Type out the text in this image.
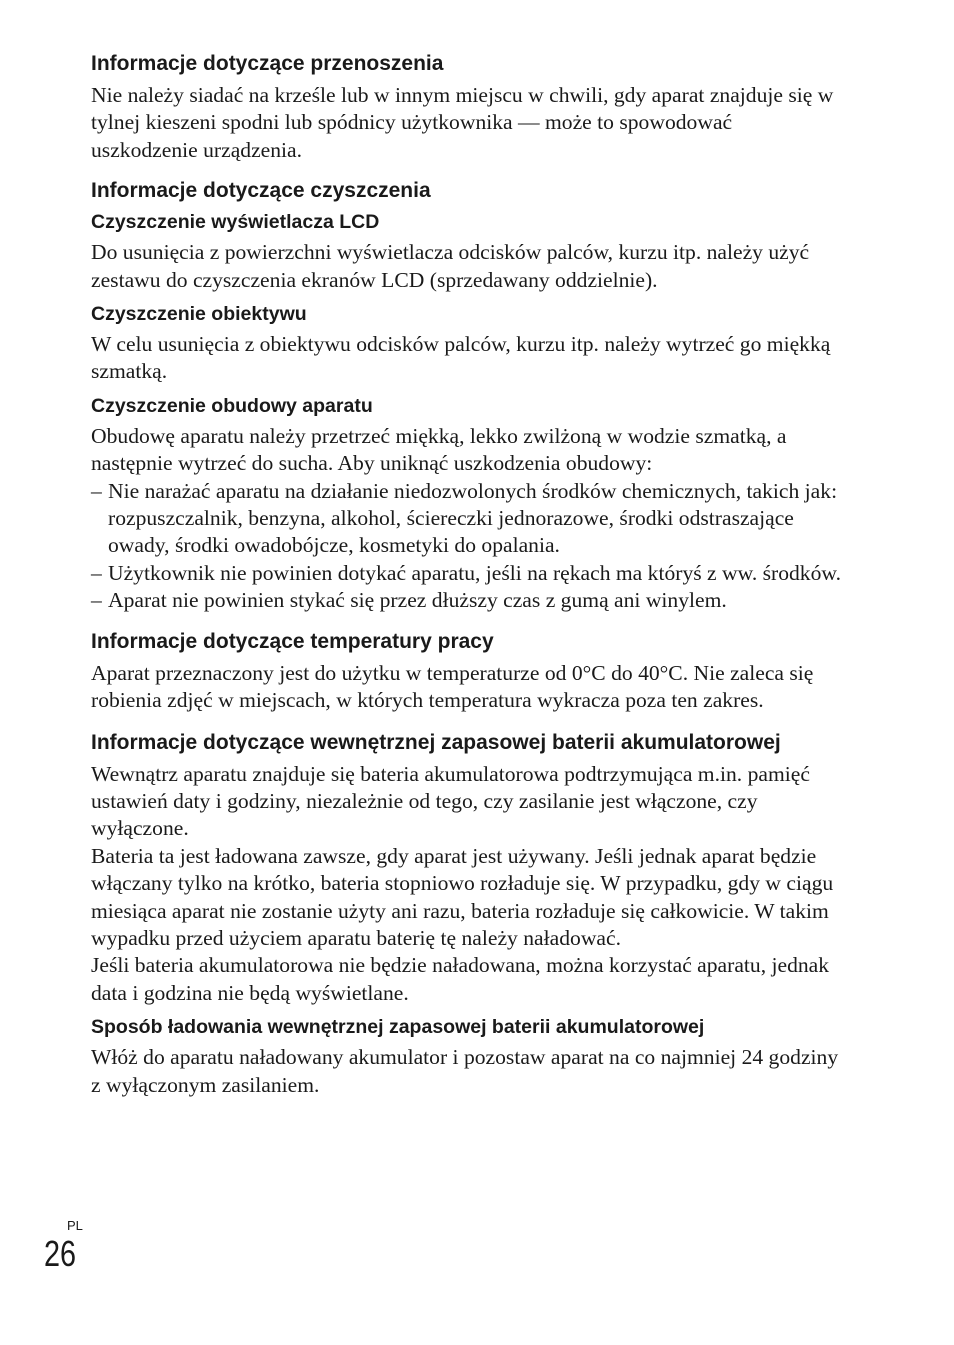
Informacje dotyczące przenoszenia

Nie należy siadać na krześle lub w innym miejscu w chwili, gdy aparat znajduje się w tylnej kieszeni spodni lub spódnicy użytkownika — może to spowodować uszkodzenie urządzenia.

Informacje dotyczące czyszczenia
Czyszczenie wyświetlacza LCD

Do usunięcia z powierzchni wyświetlacza odcisków palców, kurzu itp. należy użyć zestawu do czyszczenia ekranów LCD (sprzedawany oddzielnie).

Czyszczenie obiektywu

W celu usunięcia z obiektywu odcisków palców, kurzu itp. należy wytrzeć go miękką szmatką.

Czyszczenie obudowy aparatu

Obudowę aparatu należy przetrzeć miękką, lekko zwilżoną w wodzie szmatką, a następnie wytrzeć do sucha. Aby uniknąć uszkodzenia obudowy:

– Nie narażać aparatu na działanie niedozwolonych środków chemicznych, takich jak: rozpuszczalnik, benzyna, alkohol, ściereczki jednorazowe, środki odstraszające owady, środki owadobójcze, kosmetyki do opalania.
– Użytkownik nie powinien dotykać aparatu, jeśli na rękach ma któryś z ww. środków.
– Aparat nie powinien stykać się przez dłuższy czas z gumą ani winylem.
Informacje dotyczące temperatury pracy

Aparat przeznaczony jest do użytku w temperaturze od 0°C do 40°C. Nie zaleca się robienia zdjęć w miejscach, w których temperatura wykracza poza ten zakres.

Informacje dotyczące wewnętrznej zapasowej baterii akumulatorowej

Wewnątrz aparatu znajduje się bateria akumulatorowa podtrzymująca m.in. pamięć ustawień daty i godziny, niezależnie od tego, czy zasilanie jest włączone, czy wyłączone.

Bateria ta jest ładowana zawsze, gdy aparat jest używany. Jeśli jednak aparat będzie włączany tylko na krótko, bateria stopniowo rozładuje się. W przypadku, gdy w ciągu miesiąca aparat nie zostanie użyty ani razu, bateria rozładuje się całkowicie. W takim wypadku przed użyciem aparatu baterię tę należy naładować.

Jeśli bateria akumulatorowa nie będzie naładowana, można korzystać aparatu, jednak data i godzina nie będą wyświetlane.

Sposób ładowania wewnętrznej zapasowej baterii akumulatorowej

Włóż do aparatu naładowany akumulator i pozostaw aparat na co najmniej 24 godziny z wyłączonym zasilaniem.

PL
26
